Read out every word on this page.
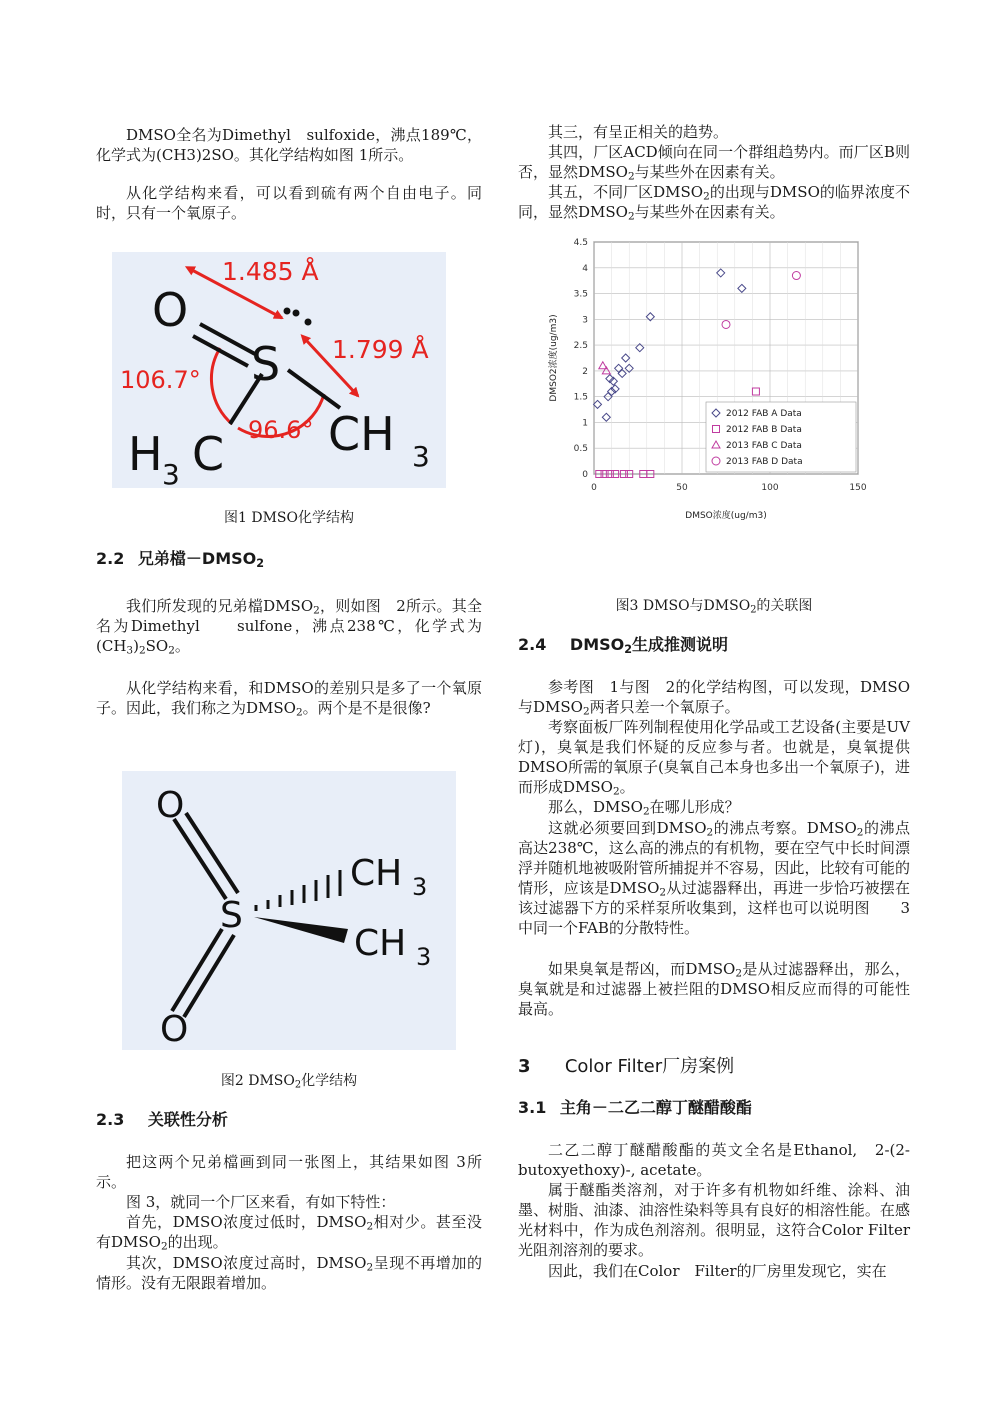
DMSO全名为Dimethyl　sulfoxide，沸点189℃，化学式为(CH3)2SO。其化学结构如图 1所示。
从化学结构来看，可以看到硫有两个自由电子。同时，只有一个氧原子。
O
S
H 3 C CH 3
1.485 Å
1.799 Å
106.7°
96.6°
图1 DMSO化学结构
2.2 兄弟檔$-DMSO_2$
我们所发现的兄弟檔$DMSO_2$，则如图　2所示。其全名为Dimethyl　　sulfone，沸点238℃，化学式为$(CH_3)_2SO_2$。
从化学结构来看，和DMSO的差别只是多了一个氧原子。因此，我们称之为$DMSO_2$。两个是不是很像?
O
S
O
CH 3
CH 3
图2 $DMSO_2$化学结构
2.3 关联性分析
把这两个兄弟檔画到同一张图上，其结果如图 3所示。
图 3，就同一个厂区来看，有如下特性：
首先，DMSO浓度过低时，$DMSO_2$相对少。甚至没有$DMSO_2$的出现。
其次，DMSO浓度过高时，$DMSO_2$呈现不再增加的情形。没有无限跟着增加。
其三，有呈正相关的趋势。
其四，厂区ACD倾向在同一个群组趋势内。而厂区B则否，显然$DMSO_2$与某些外在因素有关。
其五，不同厂区$DMSO_2$的出现与DMSO的临界浓度不同，显然$DMSO_2$与某些外在因素有关。
0
0.5
1
1.5
2
2.5
3
3.5
4
4.5
0	50	100	150
2012 FAB A Data
2012 FAB B Data
2013 FAB C Data
2013 FAB D Data
DMSO2浓度(ug/m3)
DMSO浓度(ug/m3)
图3 DMSO与$DMSO_2$的关联图
2.4 $DMSO_2$生成推测说明
参考图　1与图　2的化学结构图，可以发现，DMSO与$DMSO_2$两者只差一个氧原子。
考察面板厂阵列制程使用化学品或工艺设备(主要是UV灯)，臭氧是我们怀疑的反应参与者。也就是，臭氧提供DMSO所需的氧原子(臭氧自己本身也多出一个氧原子)，进而形成$DMSO_2$。
那么，$DMSO_2$在哪儿形成？
这就必须要回到$DMSO_2$的沸点考察。$DMSO_2$的沸点高达238℃，这么高的沸点的有机物，要在空气中长时间漂浮并随机地被吸附管所捕捉并不容易，因此，比较有可能的情形，应该是$DMSO_2$从过滤器释出，再进一步恰巧被摆在该过滤器下方的采样泵所收集到，这样也可以说明图　　3中同一个FAB的分散特性。
如果臭氧是帮凶，而$DMSO_2$是从过滤器释出，那么，臭氧就是和过滤器上被拦阻的DMSO相反应而得的可能性最高。
3 Color Filter厂房案例
3.1 主角－二乙二醇丁醚醋酸酯
二乙二醇丁醚醋酸酯的英文全名是Ethanol,　2-(2-butoxyethoxy)-, acetate。
属于醚酯类溶剂，对于许多有机物如纤维、涂料、油墨、树脂、油漆、油溶性染料等具有良好的相溶性能。在感光材料中，作为成色剂溶剂。很明显，这符合Color Filter光阻剂溶剂的要求。
因此，我们在Color　Filter的厂房里发现它，实在
